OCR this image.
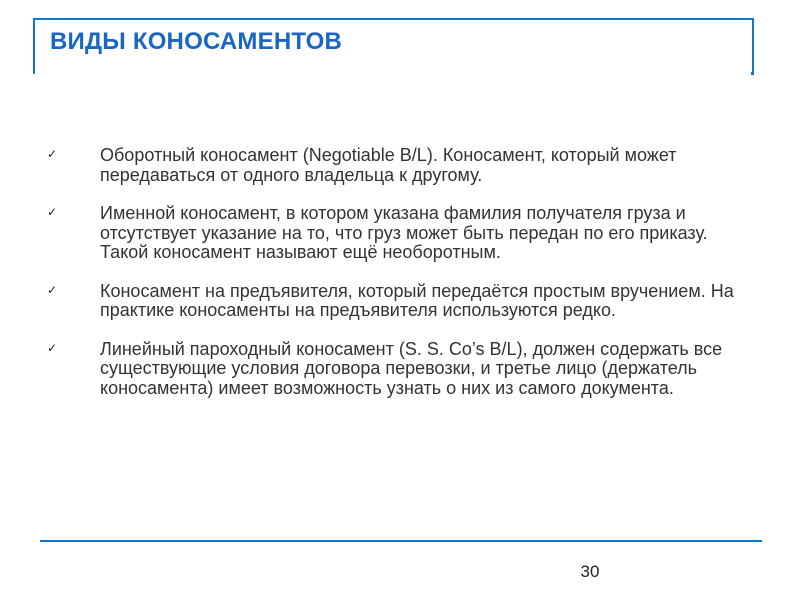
ВИДЫ КОНОСАМЕНТОВ
✓ Оборотный коносамент (Negotiable B/L). Коносамент, который может передаваться от одного владельца к другому.
✓ Именной коносамент, в котором указана фамилия получателя груза и отсутствует указание на то, что груз может быть передан по его приказу. Такой коносамент называют ещё необоротным.
✓ Коносамент на предъявителя, который передаётся простым вручением. На практике коносаменты на предъявителя используются редко.
✓ Линейный пароходный коносамент (S. S. Co’s B/L), должен содержать все существующие условия договора перевозки, и третье лицо (держатель коносамента) имеет возможность узнать о них из самого документа.
30
